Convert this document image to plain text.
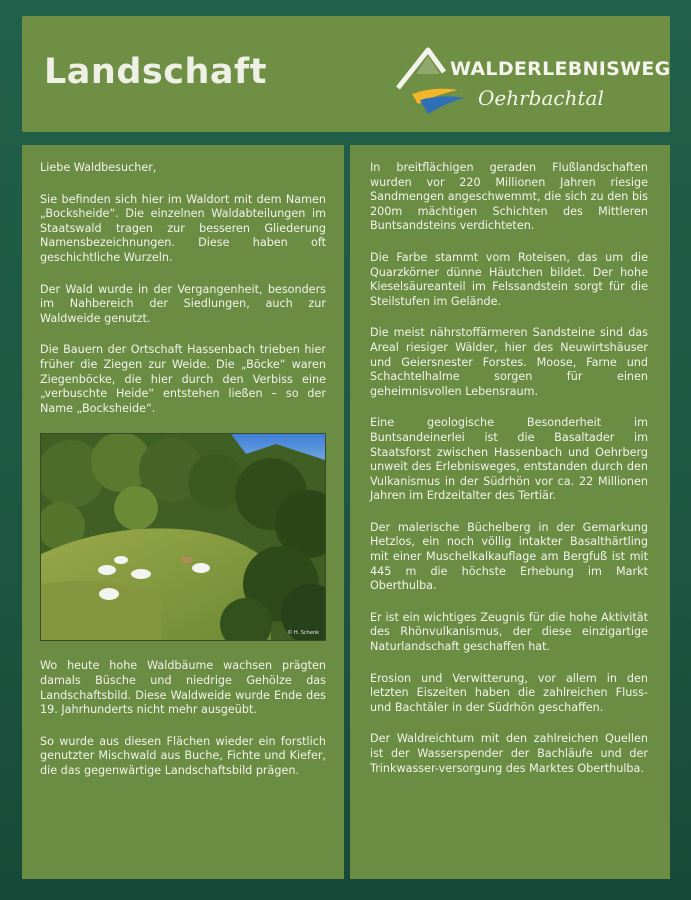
Landschaft	WALDERLEBNISWEG
Oehrbachtal

Liebe Waldbesucher,

Sie befinden sich hier im Waldort mit dem Namen „Bocksheide“. Die einzelnen Waldabteilungen im Staatswald tragen zur besseren Gliederung Namensbezeichnungen. Diese haben oft geschichtliche Wurzeln.

Der Wald wurde in der Vergangenheit, besonders im Nahbereich der Siedlungen, auch zur Waldweide genutzt.

Die Bauern der Ortschaft Hassenbach trieben hier früher die Ziegen zur Weide. Die „Böcke“ waren Ziegenböcke, die hier durch den Verbiss eine „verbuschte Heide“ entstehen ließen – so der Name „Bocksheide“.

© H. Schenk

Wo heute hohe Waldbäume wachsen prägten damals Büsche und niedrige Gehölze das Landschaftsbild. Diese Waldweide wurde Ende des 19. Jahrhunderts nicht mehr ausgeübt.

So wurde aus diesen Flächen wieder ein forstlich genutzter Mischwald aus Buche, Fichte und Kiefer, die das gegenwärtige Landschaftsbild prägen.

In breitflächigen geraden Flußlandschaften wurden vor 220 Millionen Jahren riesige Sandmengen angeschwemmt, die sich zu den bis 200m mächtigen Schichten des Mittleren Buntsandsteins verdichteten.

Die Farbe stammt vom Roteisen, das um die Quarzkörner dünne Häutchen bildet. Der hohe Kieselsäureanteil im Felssandstein sorgt für die Steilstufen im Gelände.

Die meist nährstoffärmeren Sandsteine sind das Areal riesiger Wälder, hier des Neuwirtshäuser und Geiersnester Forstes. Moose, Farne und Schachtelhalme sorgen für einen geheimnisvollen Lebensraum.

Eine geologische Besonderheit im Buntsandeinerlei ist die Basaltader im Staatsforst zwischen Hassenbach und Oehrberg unweit des Erlebnisweges, entstanden durch den Vulkanismus in der Südrhön vor ca. 22 Millionen Jahren im Erdzeitalter des Tertiär.

Der malerische Büchelberg in der Gemarkung Hetzlos, ein noch völlig intakter Basalthärtling mit einer Muschelkalkauflage am Bergfuß ist mit 445 m die höchste Erhebung im Markt Oberthulba.

Er ist ein wichtiges Zeugnis für die hohe Aktivität des Rhönvulkanismus, der diese einzigartige Naturlandschaft geschaffen hat.

Erosion und Verwitterung, vor allem in den letzten Eiszeiten haben die zahlreichen Fluss- und Bachtäler in der Südrhön geschaffen.

Der Waldreichtum mit den zahlreichen Quellen ist der Wasserspender der Bachläufe und der Trinkwasser-versorgung des Marktes Oberthulba.
